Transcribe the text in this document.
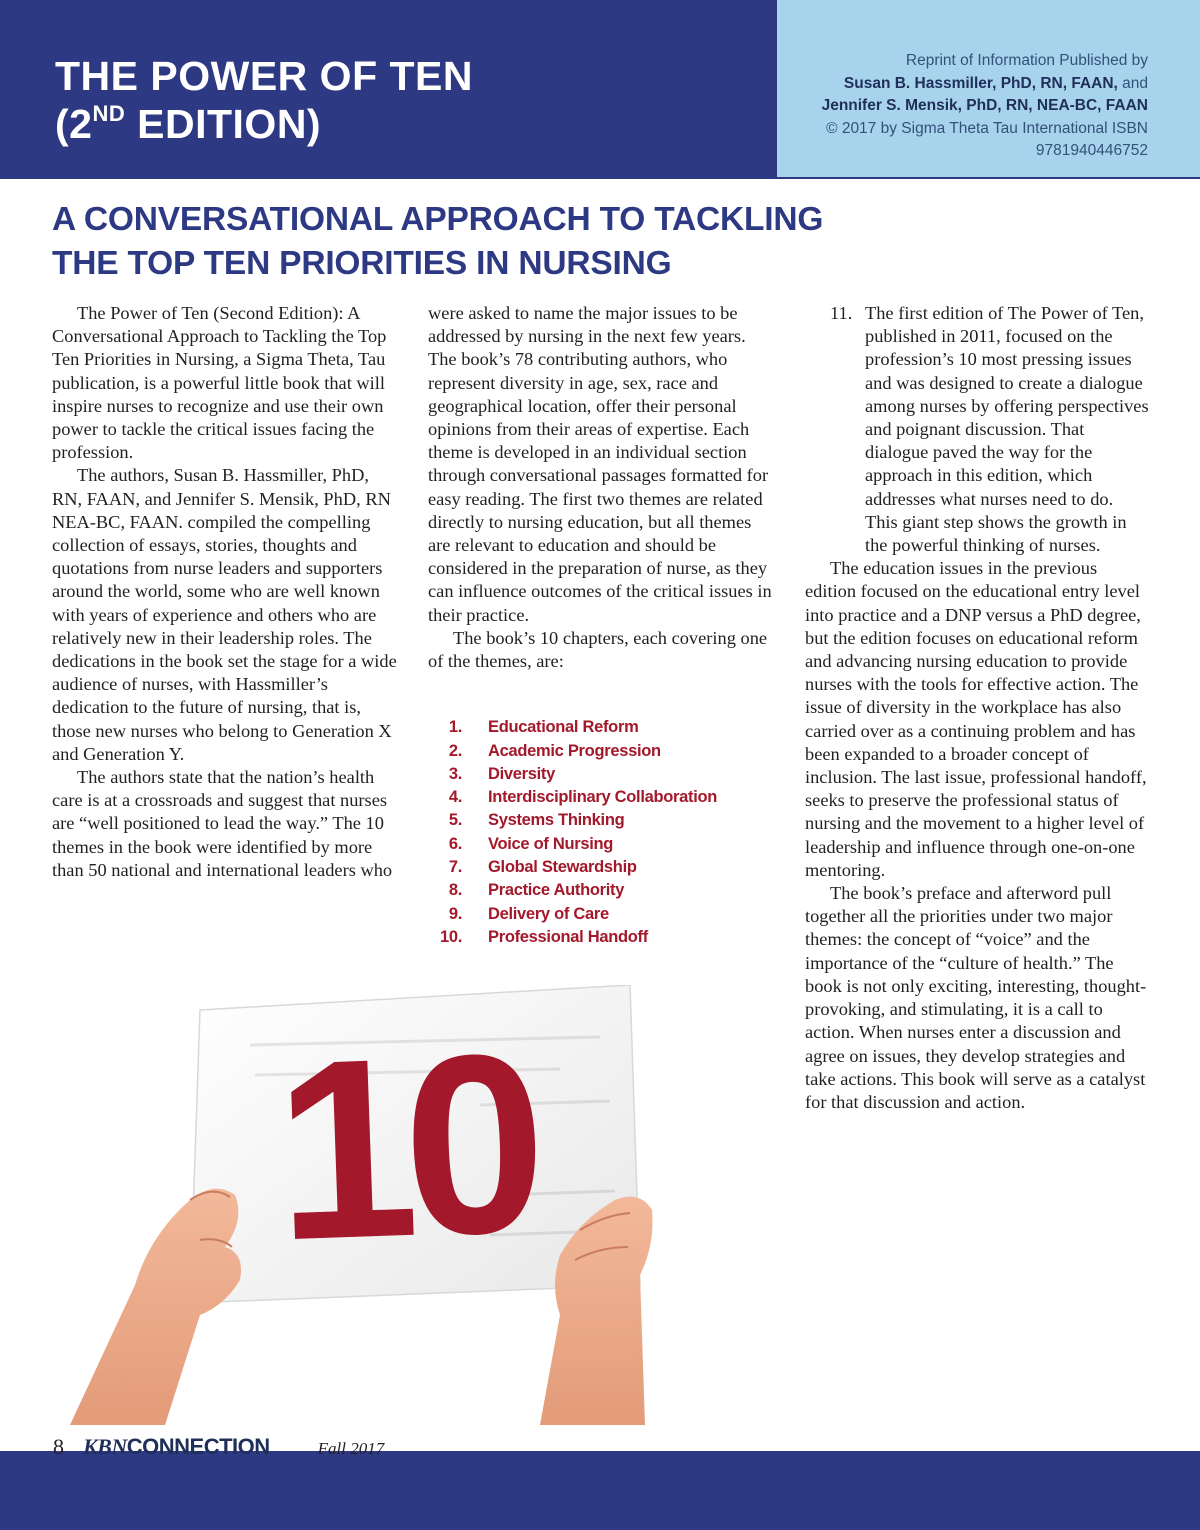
THE POWER OF TEN
(2ND EDITION)
Reprint of Information Published by
Susan B. Hassmiller, PhD, RN, FAAN, and
Jennifer S. Mensik, PhD, RN, NEA-BC, FAAN
© 2017 by Sigma Theta Tau International ISBN
9781940446752
A CONVERSATIONAL APPROACH TO TACKLING
THE TOP TEN PRIORITIES IN NURSING

The Power of Ten (Second Edition): A Conversational Approach to Tackling the Top Ten Priorities in Nursing, a Sigma Theta, Tau publication, is a powerful little book that will inspire nurses to recognize and use their own power to tackle the critical issues facing the profession.

The authors, Susan B. Hassmiller, PhD, RN, FAAN, and Jennifer S. Mensik, PhD, RN NEA-BC, FAAN. compiled the compelling collection of essays, stories, thoughts and quotations from nurse leaders and supporters around the world, some who are well known with years of experience and others who are relatively new in their leadership roles. The dedications in the book set the stage for a wide audience of nurses, with Hassmiller’s dedication to the future of nursing, that is, those new nurses who belong to Generation X and Generation Y.

The authors state that the nation’s health care is at a crossroads and suggest that nurses are “well positioned to lead the way.” The 10 themes in the book were identified by more than 50 national and international leaders who

were asked to name the major issues to be addressed by nursing in the next few years. The book’s 78 contributing authors, who represent diversity in age, sex, race and geographical location, offer their personal opinions from their areas of expertise. Each theme is developed in an individual section through conversational passages formatted for easy reading. The first two themes are related directly to nursing education, but all themes are relevant to education and should be considered in the preparation of nurse, as they can influence outcomes of the critical issues in their practice.

The book’s 10 chapters, each covering one of the themes, are:

1.	Educational Reform
2.	Academic Progression
3.	Diversity
4.	Interdisciplinary Collaboration
5.	Systems Thinking
6.	Voice of Nursing
7.	Global Stewardship
8.	Practice Authority
9.	Delivery of Care
10.	Professional Handoff
11. The first edition of The Power of Ten, published in 2011, focused on the profession’s 10 most pressing issues and was designed to create a dialogue among nurses by offering perspectives and poignant discussion. That dialogue paved the way for the approach in this edition, which addresses what nurses need to do. This giant step shows the growth in the powerful thinking of nurses.

The education issues in the previous edition focused on the educational entry level into practice and a DNP versus a PhD degree, but the edition focuses on educational reform and advancing nursing education to provide nurses with the tools for effective action. The issue of diversity in the workplace has also carried over as a continuing problem and has been expanded to a broader concept of inclusion. The last issue, professional handoff, seeks to preserve the professional status of nursing and the movement to a higher level of leadership and influence through one-on-one mentoring.

The book’s preface and afterword pull together all the priorities under two major themes: the concept of “voice” and the importance of the “culture of health.” The book is not only exciting, interesting, thought-provoking, and stimulating, it is a call to action. When nurses enter a discussion and agree on issues, they develop strategies and take actions. This book will serve as a catalyst for that discussion and action.

10
8 KBNCONNECTION	Fall 2017
